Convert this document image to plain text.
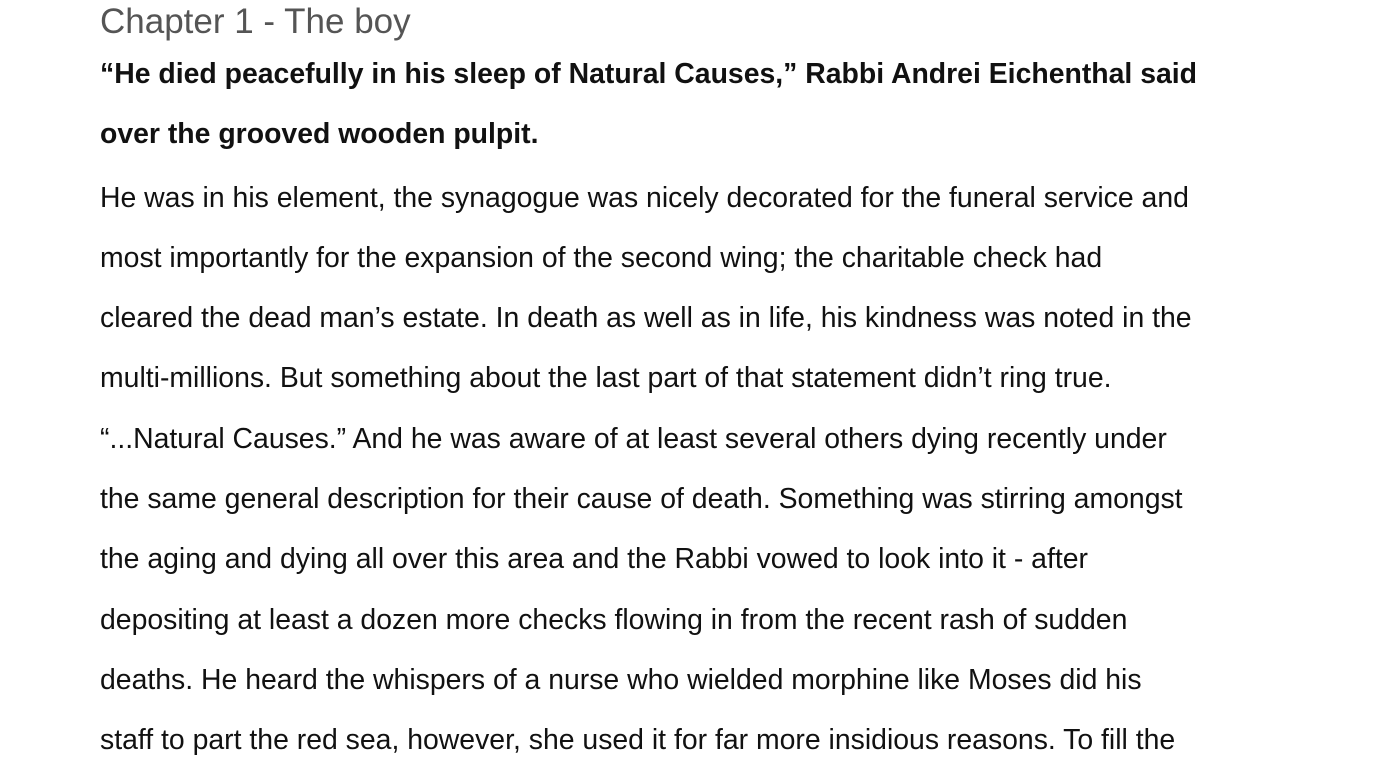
Chapter 1 - The boy
“He died peacefully in his sleep of Natural Causes,” Rabbi Andrei Eichenthal said
over the grooved wooden pulpit.
He was in his element, the synagogue was nicely decorated for the funeral service and
most importantly for the expansion of the second wing; the charitable check had
cleared the dead man’s estate. In death as well as in life, his kindness was noted in the
multi-millions. But something about the last part of that statement didn’t ring true.
“...Natural Causes.” And he was aware of at least several others dying recently under
the same general description for their cause of death. Something was stirring amongst
the aging and dying all over this area and the Rabbi vowed to look into it - after
depositing at least a dozen more checks flowing in from the recent rash of sudden
deaths. He heard the whispers of a nurse who wielded morphine like Moses did his
staff to part the red sea, however, she used it for far more insidious reasons. To fill the
